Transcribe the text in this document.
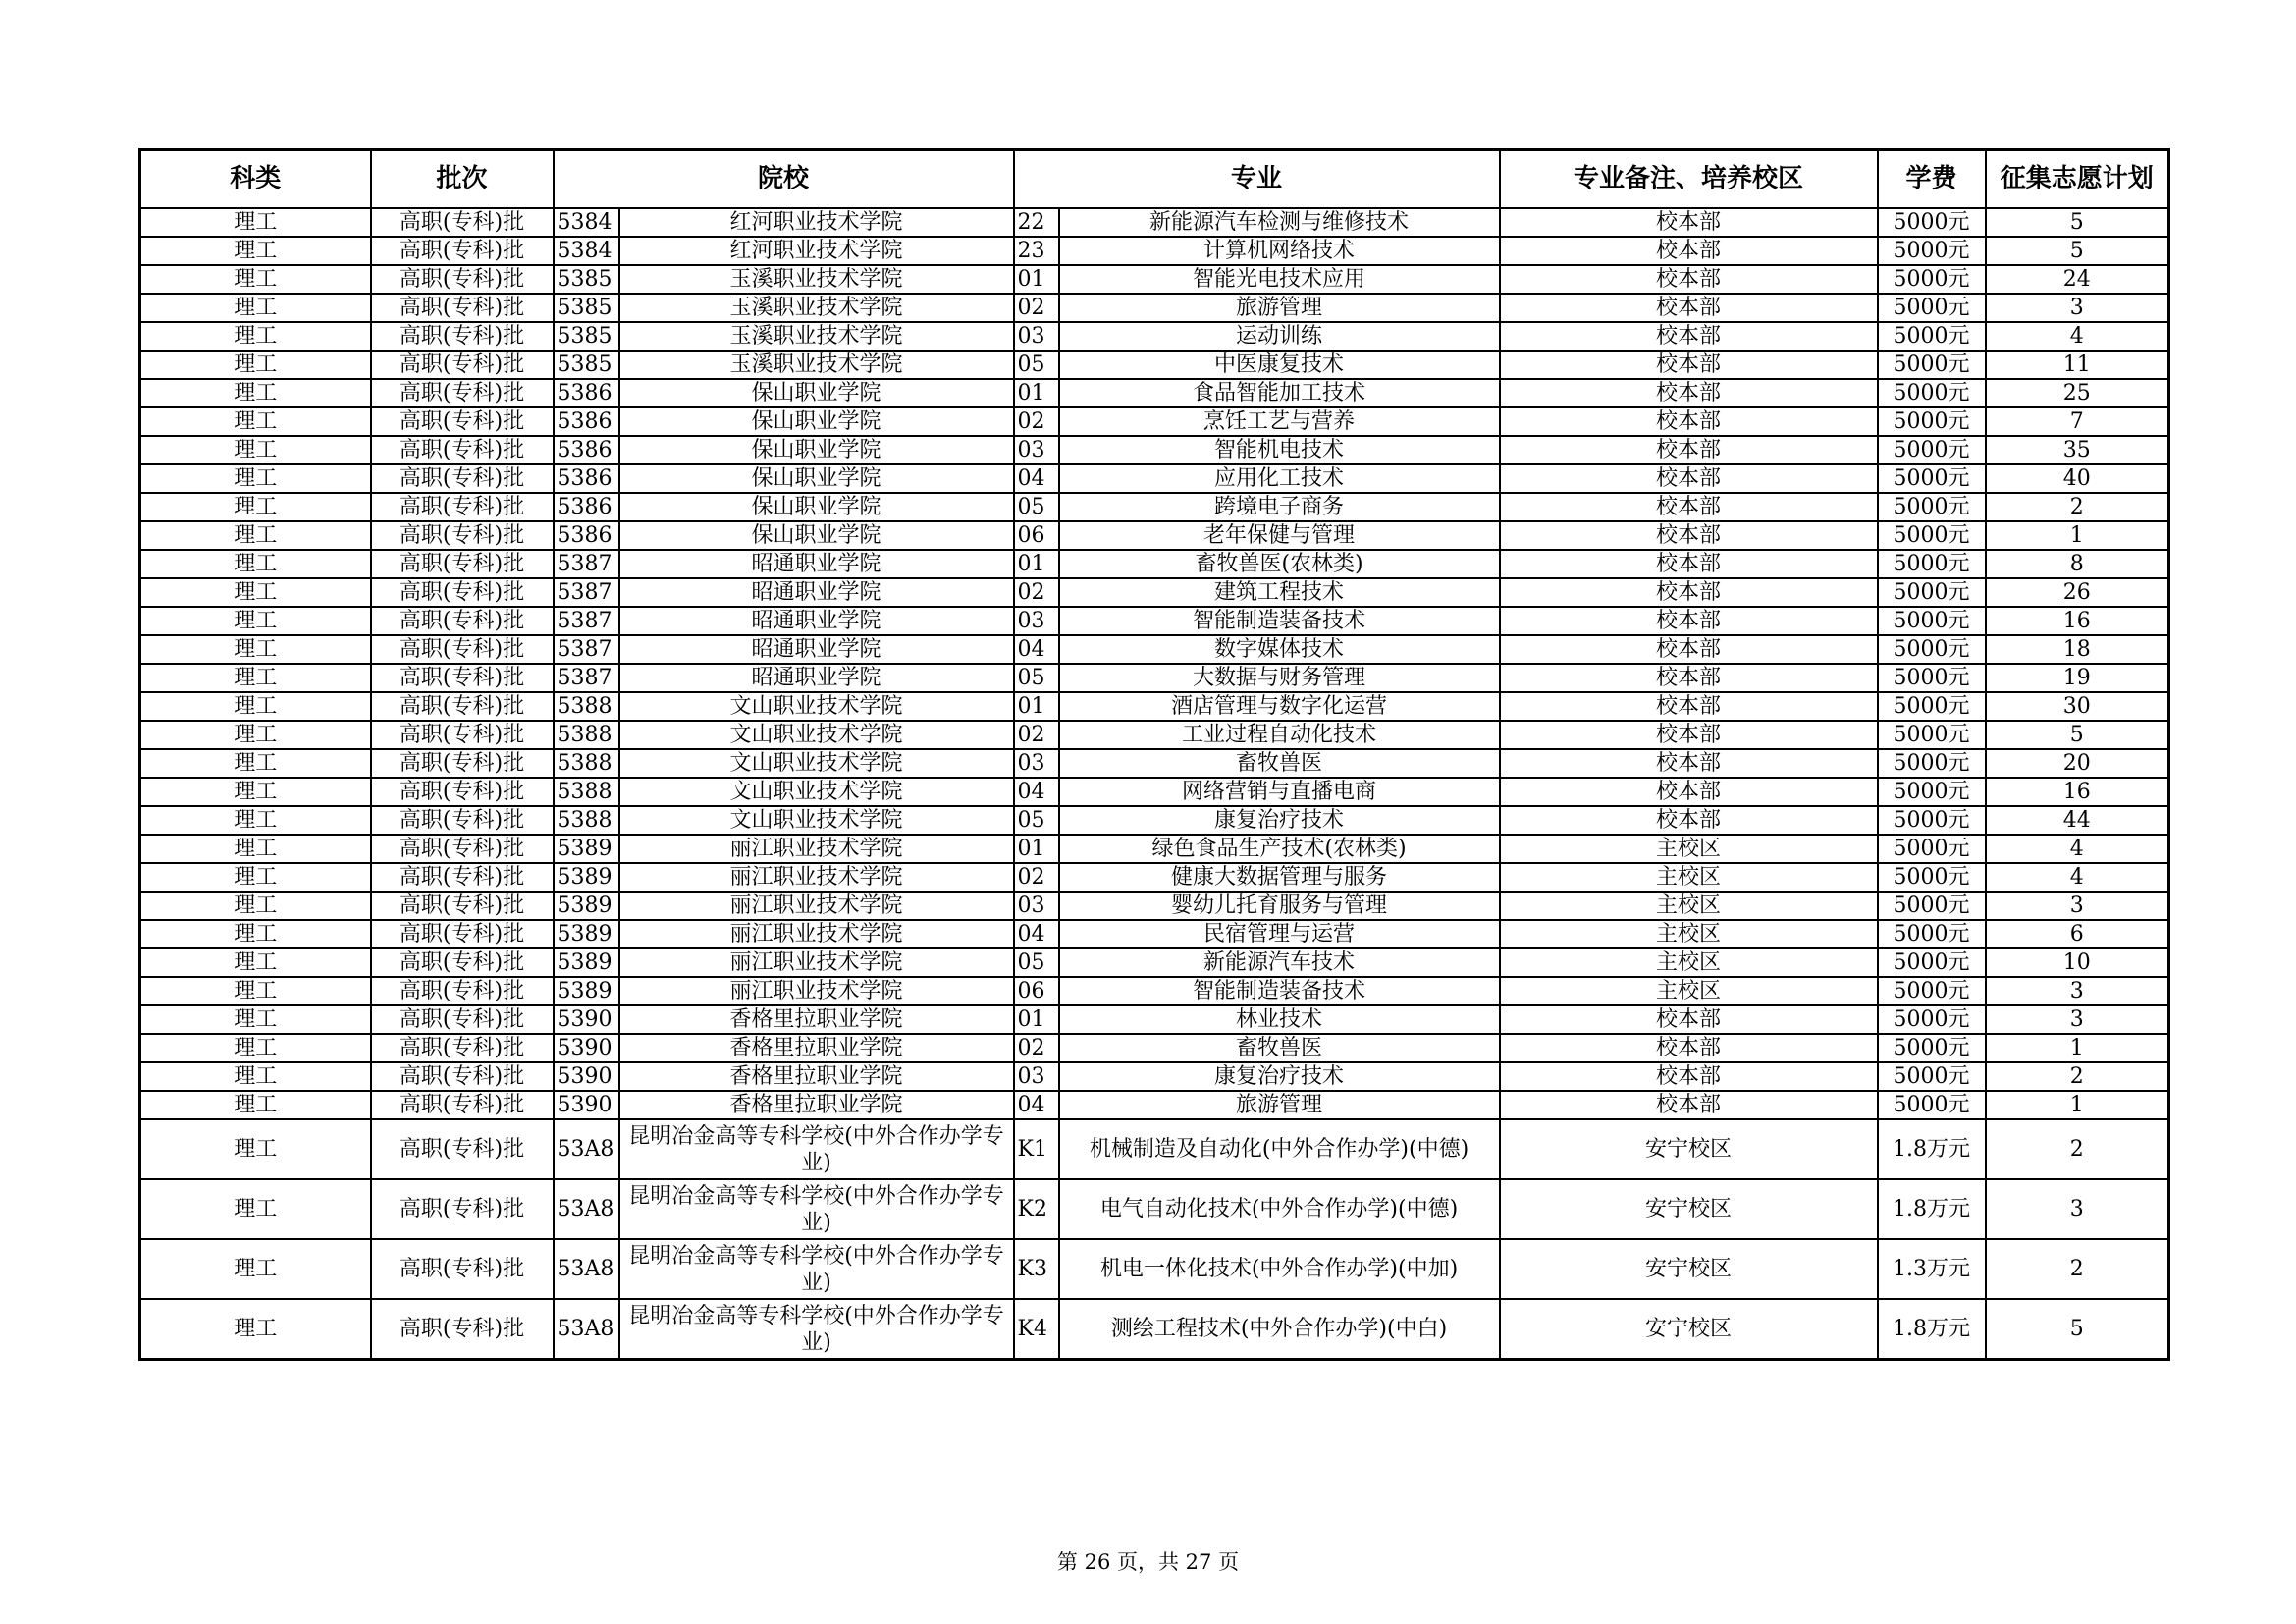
科类	批次	院校		专业		专业备注、培养校区	学费	征集志愿计划
理工	高职(专科)批	5384	红河职业技术学院	22	新能源汽车检测与维修技术	校本部	5000元	5
理工	高职(专科)批	5384	红河职业技术学院	23	计算机网络技术	校本部	5000元	5
理工	高职(专科)批	5385	玉溪职业技术学院	01	智能光电技术应用	校本部	5000元	24
理工	高职(专科)批	5385	玉溪职业技术学院	02	旅游管理	校本部	5000元	3
理工	高职(专科)批	5385	玉溪职业技术学院	03	运动训练	校本部	5000元	4
理工	高职(专科)批	5385	玉溪职业技术学院	05	中医康复技术	校本部	5000元	11
理工	高职(专科)批	5386	保山职业学院	01	食品智能加工技术	校本部	5000元	25
理工	高职(专科)批	5386	保山职业学院	02	烹饪工艺与营养	校本部	5000元	7
理工	高职(专科)批	5386	保山职业学院	03	智能机电技术	校本部	5000元	35
理工	高职(专科)批	5386	保山职业学院	04	应用化工技术	校本部	5000元	40
理工	高职(专科)批	5386	保山职业学院	05	跨境电子商务	校本部	5000元	2
理工	高职(专科)批	5386	保山职业学院	06	老年保健与管理	校本部	5000元	1
理工	高职(专科)批	5387	昭通职业学院	01	畜牧兽医(农林类)	校本部	5000元	8
理工	高职(专科)批	5387	昭通职业学院	02	建筑工程技术	校本部	5000元	26
理工	高职(专科)批	5387	昭通职业学院	03	智能制造装备技术	校本部	5000元	16
理工	高职(专科)批	5387	昭通职业学院	04	数字媒体技术	校本部	5000元	18
理工	高职(专科)批	5387	昭通职业学院	05	大数据与财务管理	校本部	5000元	19
理工	高职(专科)批	5388	文山职业技术学院	01	酒店管理与数字化运营	校本部	5000元	30
理工	高职(专科)批	5388	文山职业技术学院	02	工业过程自动化技术	校本部	5000元	5
理工	高职(专科)批	5388	文山职业技术学院	03	畜牧兽医	校本部	5000元	20
理工	高职(专科)批	5388	文山职业技术学院	04	网络营销与直播电商	校本部	5000元	16
理工	高职(专科)批	5388	文山职业技术学院	05	康复治疗技术	校本部	5000元	44
理工	高职(专科)批	5389	丽江职业技术学院	01	绿色食品生产技术(农林类)	主校区	5000元	4
理工	高职(专科)批	5389	丽江职业技术学院	02	健康大数据管理与服务	主校区	5000元	4
理工	高职(专科)批	5389	丽江职业技术学院	03	婴幼儿托育服务与管理	主校区	5000元	3
理工	高职(专科)批	5389	丽江职业技术学院	04	民宿管理与运营	主校区	5000元	6
理工	高职(专科)批	5389	丽江职业技术学院	05	新能源汽车技术	主校区	5000元	10
理工	高职(专科)批	5389	丽江职业技术学院	06	智能制造装备技术	主校区	5000元	3
理工	高职(专科)批	5390	香格里拉职业学院	01	林业技术	校本部	5000元	3
理工	高职(专科)批	5390	香格里拉职业学院	02	畜牧兽医	校本部	5000元	1
理工	高职(专科)批	5390	香格里拉职业学院	03	康复治疗技术	校本部	5000元	2
理工	高职(专科)批	5390	香格里拉职业学院	04	旅游管理	校本部	5000元	1
理工	高职(专科)批	53A8	昆明冶金高等专科学校(中外合作办学专业)	K1	机械制造及自动化(中外合作办学)(中德)	安宁校区	1.8万元	2
理工	高职(专科)批	53A8	昆明冶金高等专科学校(中外合作办学专业)	K2	电气自动化技术(中外合作办学)(中德)	安宁校区	1.8万元	3
理工	高职(专科)批	53A8	昆明冶金高等专科学校(中外合作办学专业)	K3	机电一体化技术(中外合作办学)(中加)	安宁校区	1.3万元	2
理工	高职(专科)批	53A8	昆明冶金高等专科学校(中外合作办学专业)	K4	测绘工程技术(中外合作办学)(中白)	安宁校区	1.8万元	5
第 26 页，共 27 页
